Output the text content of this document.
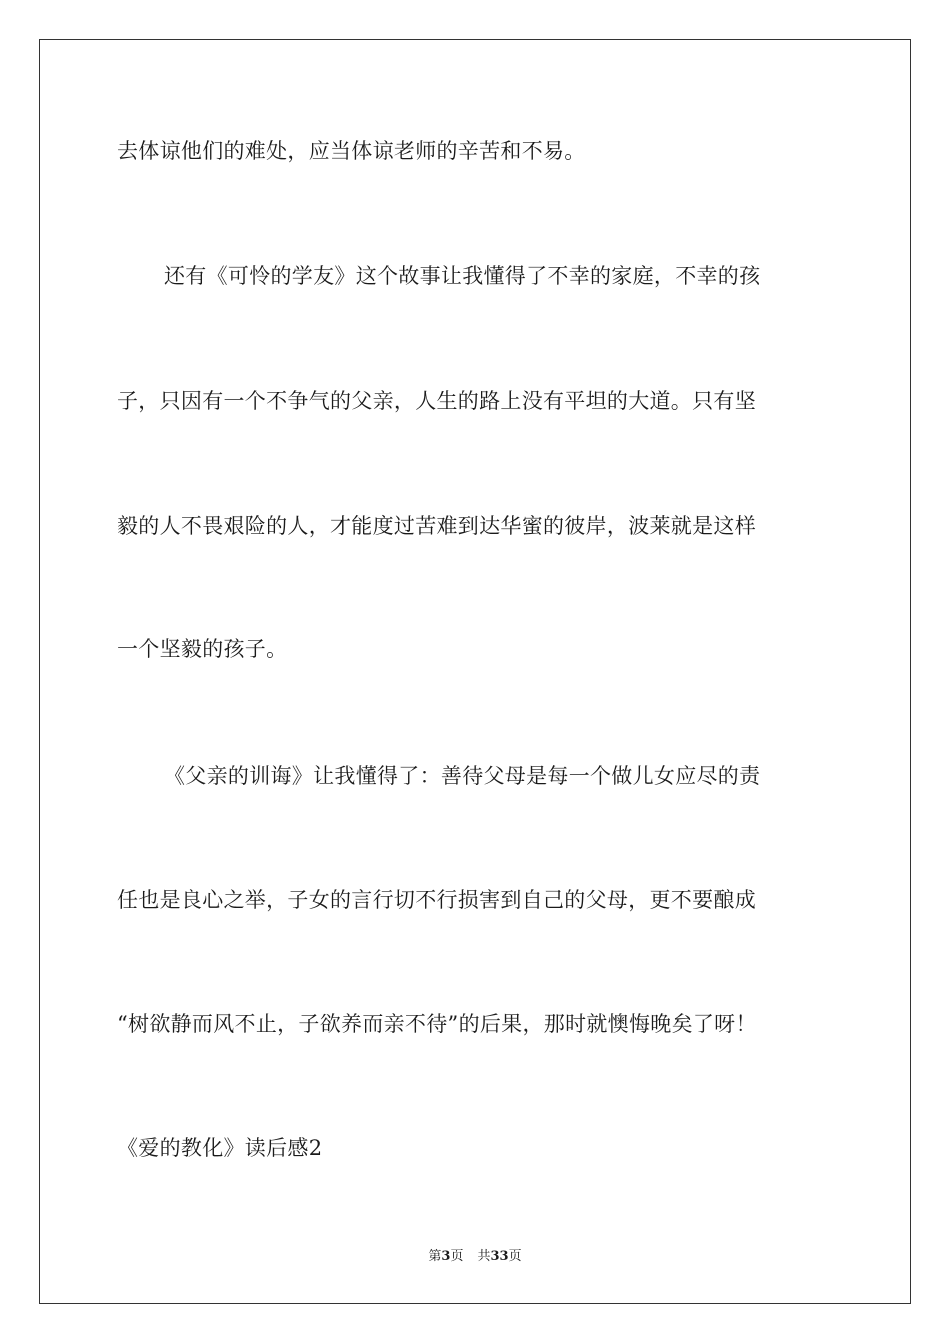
去体谅他们的难处，应当体谅老师的辛苦和不易。
还有《可怜的学友》这个故事让我懂得了不幸的家庭，不幸的孩
子，只因有一个不争气的父亲，人生的路上没有平坦的大道。只有坚
毅的人不畏艰险的人，才能度过苦难到达华蜜的彼岸，波莱就是这样
一个坚毅的孩子。
《父亲的训诲》让我懂得了：善待父母是每一个做儿女应尽的责
任也是良心之举，子女的言行切不行损害到自己的父母，更不要酿成
“树欲静而风不止，子欲养而亲不待”的后果，那时就懊悔晚矣了呀！
《爱的教化》读后感2
第3页 共33页
